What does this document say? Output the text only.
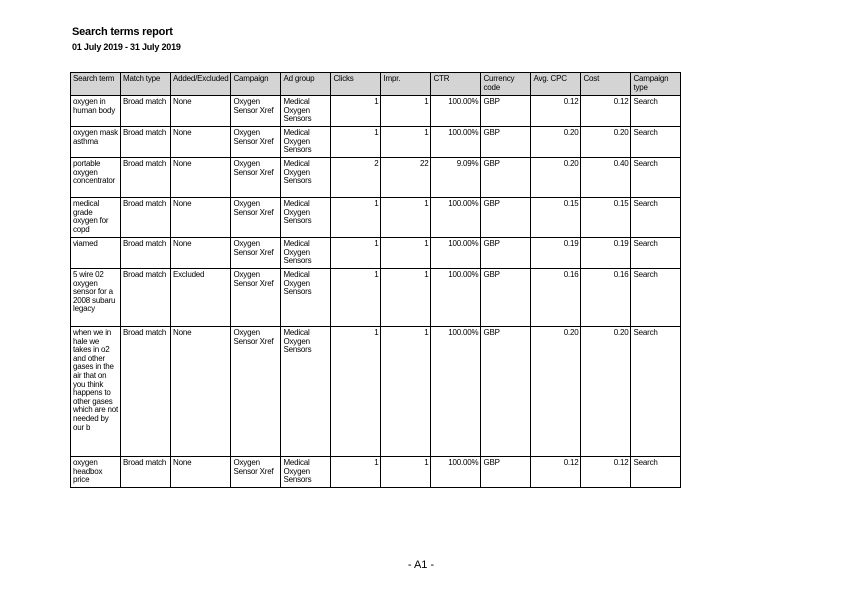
Search terms report
01 July 2019 - 31 July 2019
Search term	Match type	Added/Excluded	Campaign	Ad group	Clicks	Impr.	CTR	Currency code	Avg. CPC	Cost	Campaign type
oxygen in human body	Broad match	None	Oxygen Sensor Xref	Medical Oxygen Sensors	1	1	100.00%	GBP	0.12	0.12	Search
oxygen mask asthma	Broad match	None	Oxygen Sensor Xref	Medical Oxygen Sensors	1	1	100.00%	GBP	0.20	0.20	Search
portable oxygen concentrator	Broad match	None	Oxygen Sensor Xref	Medical Oxygen Sensors	2	22	9.09%	GBP	0.20	0.40	Search
medical grade oxygen for copd	Broad match	None	Oxygen Sensor Xref	Medical Oxygen Sensors	1	1	100.00%	GBP	0.15	0.15	Search
viamed	Broad match	None	Oxygen Sensor Xref	Medical Oxygen Sensors	1	1	100.00%	GBP	0.19	0.19	Search
5 wire 02 oxygen sensor for a 2008 subaru legacy	Broad match	Excluded	Oxygen Sensor Xref	Medical Oxygen Sensors	1	1	100.00%	GBP	0.16	0.16	Search
when we in hale we takes in o2 and other gases in the air that on you think happens to other gases which are not needed by our b	Broad match	None	Oxygen Sensor Xref	Medical Oxygen Sensors	1	1	100.00%	GBP	0.20	0.20	Search
oxygen headbox price	Broad match	None	Oxygen Sensor Xref	Medical Oxygen Sensors	1	1	100.00%	GBP	0.12	0.12	Search
- A1 -
